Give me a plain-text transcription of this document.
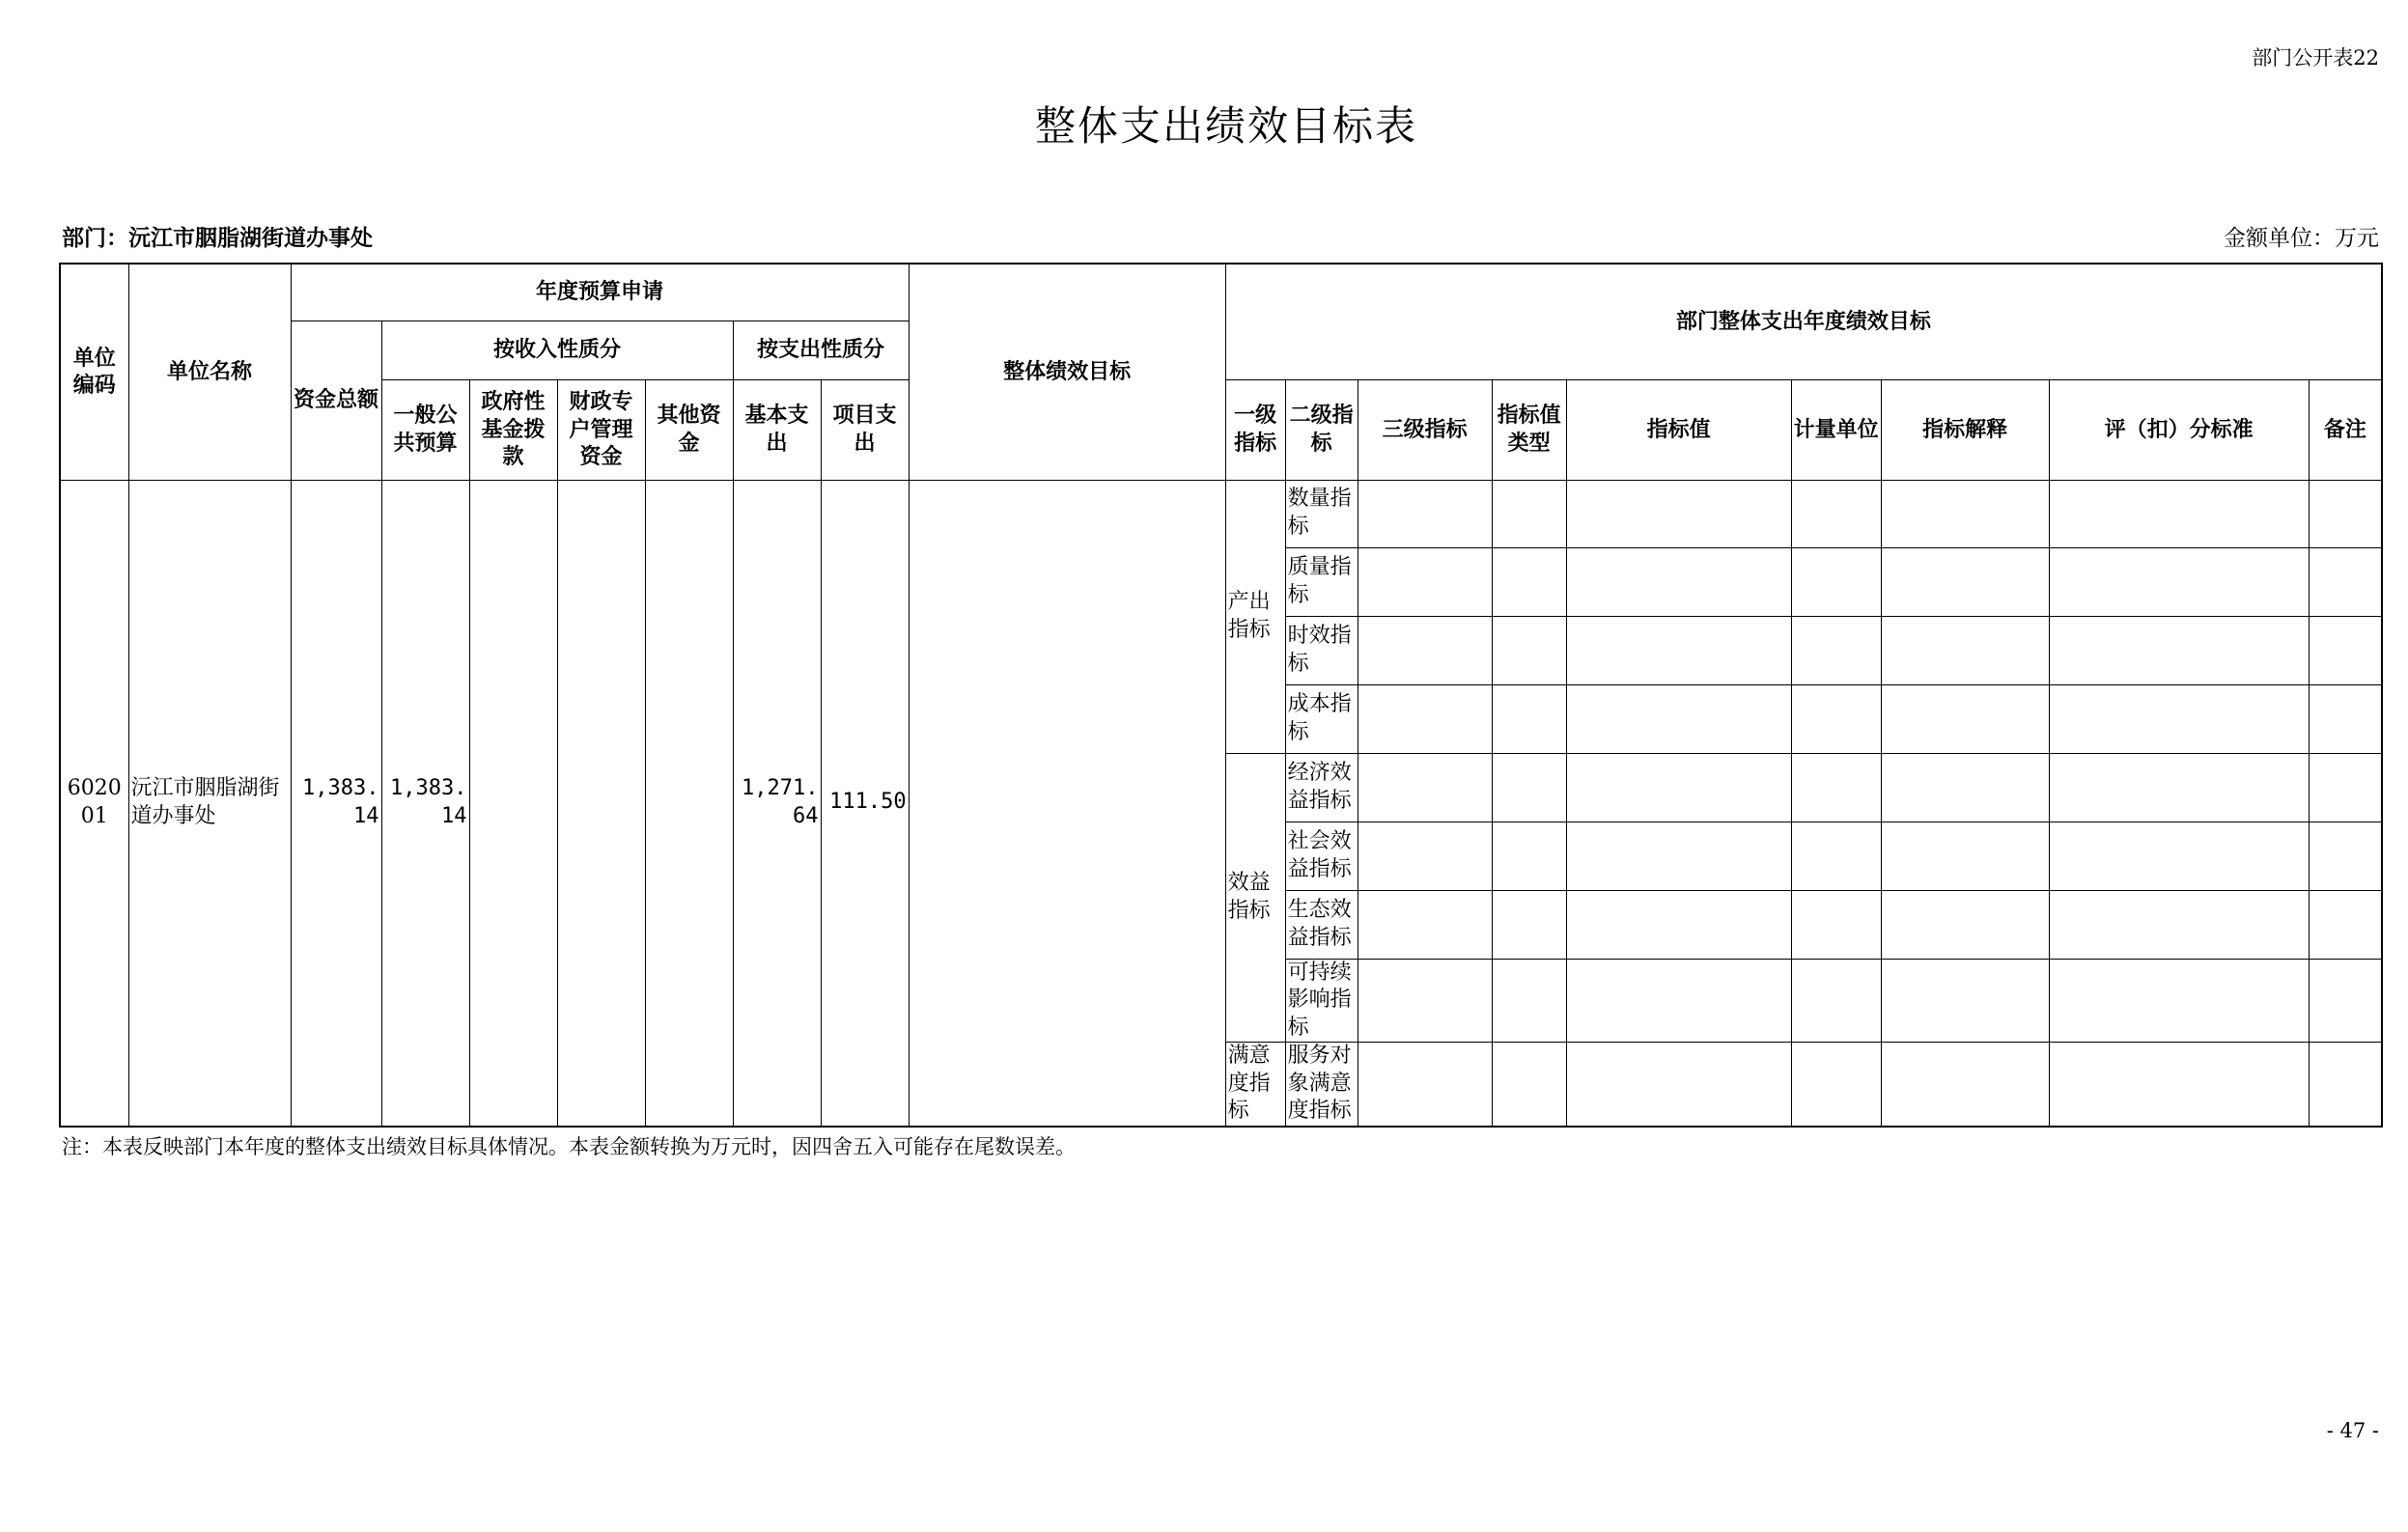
部门公开表22
整体支出绩效目标表
部门：沅江市胭脂湖街道办事处	金额单位：万元
单位编码	单位名称	年度预算申请							整体绩效目标	部门整体支出年度绩效目标								
		资金总额	按收入性质分				按支出性质分											
			一般公共预算	政府性基金拨款	财政专户管理资金	其他资金	基本支出	项目支出		一级指标	二级指标	三级指标	指标值类型	指标值	计量单位	指标解释	评（扣）分标准	备注
602001	沅江市胭脂湖街道办事处	1,383.14	1,383.14				1,271.64	111.50		产出指标	数量指标							
											质量指标							
											时效指标							
											成本指标							
										效益指标	经济效益指标							
											社会效益指标							
											生态效益指标							
											可持续影响指标							
										满意度指标	服务对象满意度指标							
注：本表反映部门本年度的整体支出绩效目标具体情况。本表金额转换为万元时，因四舍五入可能存在尾数误差。
- 47 -
